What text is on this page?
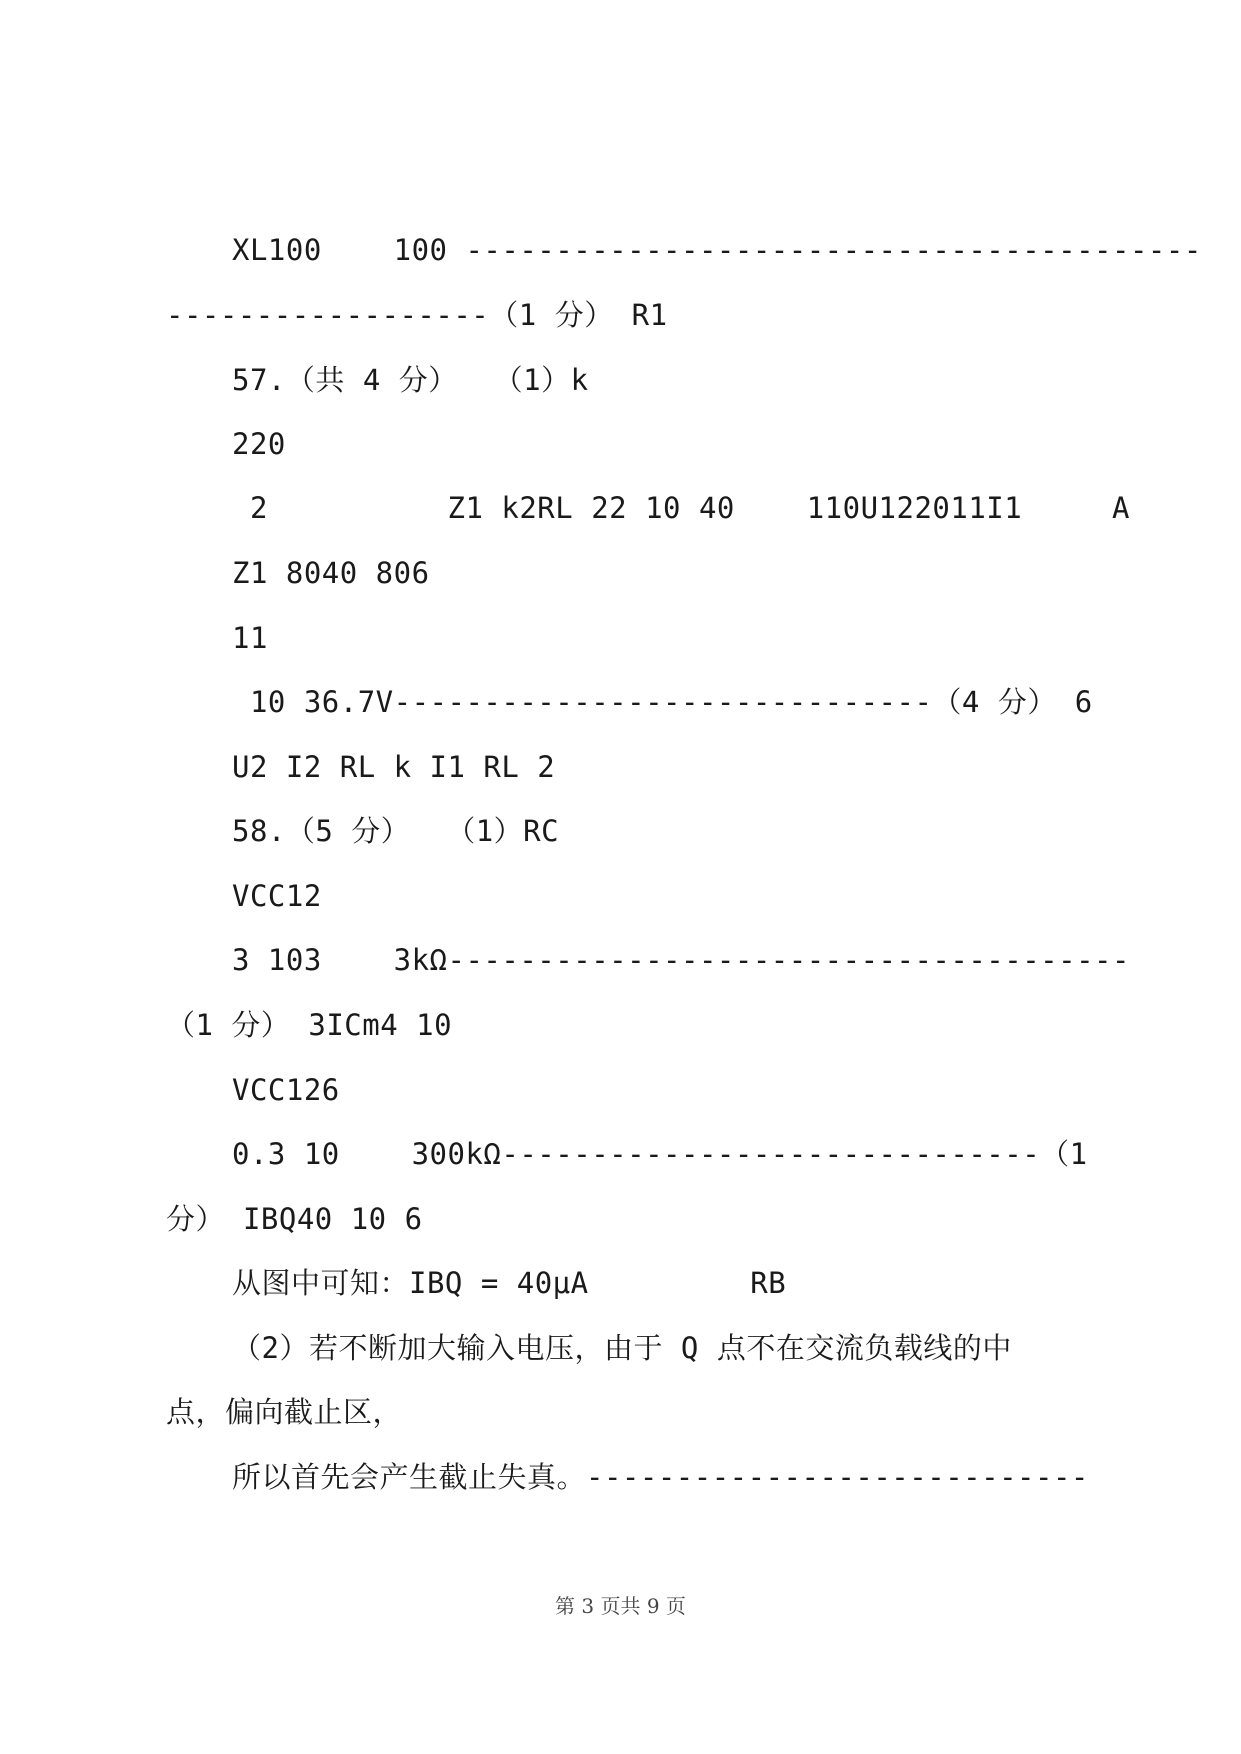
XL100    100 -----------------------------------------
------------------（1 分） R1
57.（共 4 分）  （1）k
220
2          Z1 k2RL 22 10 40    110U122011I1     A
Z1 8040 806
11
10 36.7V------------------------------（4 分） 6
U2 I2 RL k I1 RL 2
58.（5 分）  （1）RC
VCC12
3 103    3kΩ--------------------------------------
（1 分） 3ICm4 10
VCC126
0.3 10    300kΩ------------------------------（1
分） IBQ40 10 6
从图中可知：IBQ = 40μA         RB
（2）若不断加大输入电压，由于 Q 点不在交流负载线的中
点，偏向截止区，
所以首先会产生截止失真。----------------------------
第 3 页共 9 页
